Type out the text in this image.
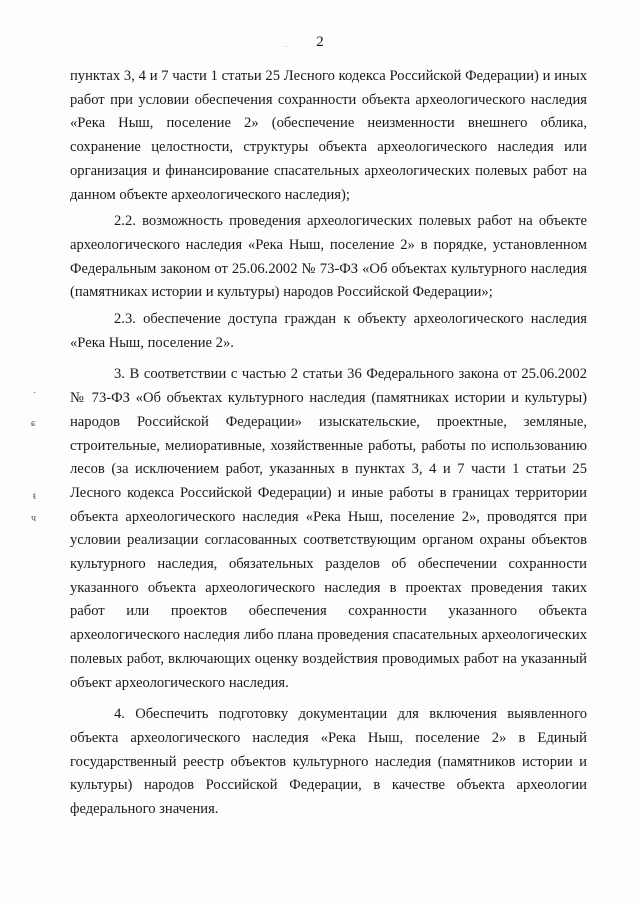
2
·
ɕ
ŧ
ч
.

пунктах 3, 4 и 7 части 1 статьи 25 Лесного кодекса Российской Федерации) и иных работ при условии обеспечения сохранности объекта археологического наследия «Река Ныш, поселение 2» (обеспечение неизменности внешнего облика, сохранение целостности, структуры объекта археологического наследия или организация и финансирование спасательных археологических полевых работ на данном объекте археологического наследия);

2.2. возможность проведения археологических полевых работ на объекте археологического наследия «Река Ныш, поселение 2» в порядке, установленном Федеральным законом от 25.06.2002 № 73-ФЗ «Об объектах культурного наследия (памятниках истории и культуры) народов Российской Федерации»;

2.3. обеспечение доступа граждан к объекту археологического наследия «Река Ныш, поселение 2».

3. В соответствии с частью 2 статьи 36 Федерального закона от 25.06.2002 № 73-ФЗ «Об объектах культурного наследия (памятниках истории и культуры) народов Российской Федерации» изыскательские, проектные, земляные, строительные, мелиоративные, хозяйственные работы, работы по использованию лесов (за исключением работ, указанных в пунктах 3, 4 и 7 части 1 статьи 25 Лесного кодекса Российской Федерации) и иные работы в границах территории объекта археологического наследия «Река Ныш, поселение 2», проводятся при условии реализации согласованных соответствующим органом охраны объектов культурного наследия, обязательных разделов об обеспечении сохранности указанного объекта археологического наследия в проектах проведения таких работ или проектов обеспечения сохранности указанного объекта археологического наследия либо плана проведения спасательных археологических полевых работ, включающих оценку воздействия проводимых работ на указанный объект археологического наследия.

4. Обеспечить подготовку документации для включения выявленного объекта археологического наследия «Река Ныш, поселение 2» в Единый государственный реестр объектов культурного наследия (памятников истории и культуры) народов Российской Федерации, в качестве объекта археологии федерального значения.
